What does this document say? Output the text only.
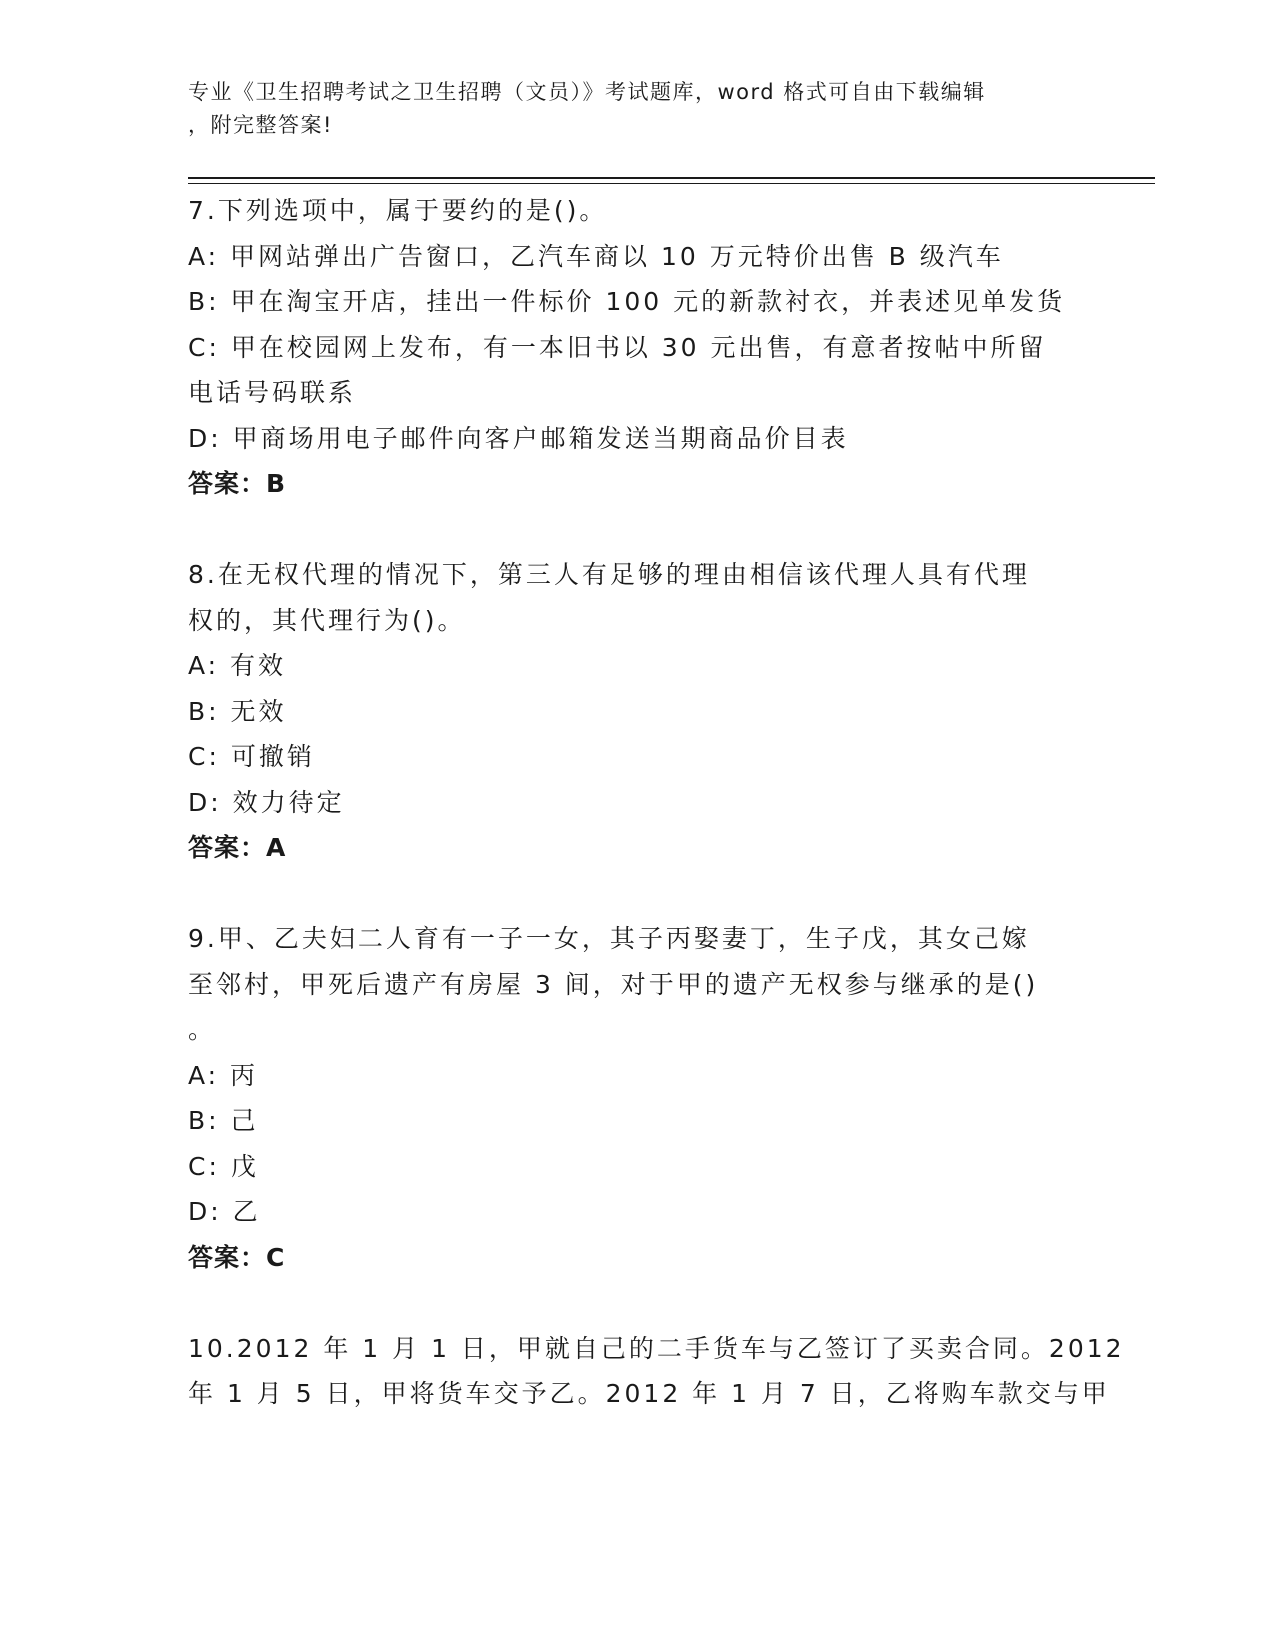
专业《卫生招聘考试之卫生招聘（文员）》考试题库，word 格式可自由下载编辑
，附完整答案!
7.下列选项中，属于要约的是()。
A: 甲网站弹出广告窗口，乙汽车商以 10 万元特价出售 B 级汽车
B: 甲在淘宝开店，挂出一件标价 100 元的新款衬衣，并表述见单发货
C: 甲在校园网上发布，有一本旧书以 30 元出售，有意者按帖中所留
电话号码联系
D: 甲商场用电子邮件向客户邮箱发送当期商品价目表
答案：B
8.在无权代理的情况下，第三人有足够的理由相信该代理人具有代理
权的，其代理行为()。
A: 有效
B: 无效
C: 可撤销
D: 效力待定
答案：A
9.甲、乙夫妇二人育有一子一女，其子丙娶妻丁，生子戊，其女己嫁
至邻村，甲死后遗产有房屋 3 间，对于甲的遗产无权参与继承的是()
。
A: 丙
B: 己
C: 戊
D: 乙
答案：C
10.2012 年 1 月 1 日，甲就自己的二手货车与乙签订了买卖合同。2012
年 1 月 5 日，甲将货车交予乙。2012 年 1 月 7 日，乙将购车款交与甲
